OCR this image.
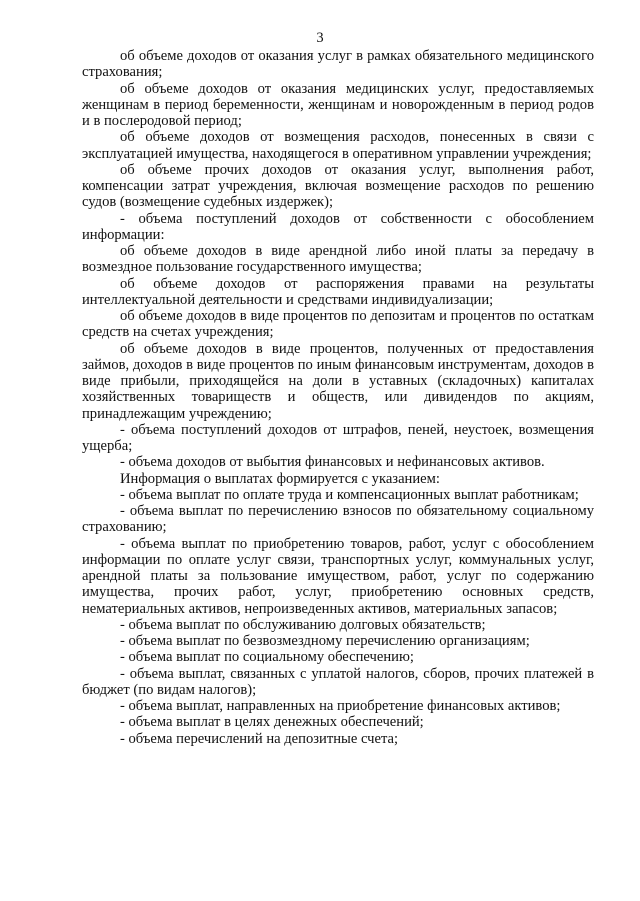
3

об объеме доходов от оказания услуг в рамках обязательного медицинского страхования;

об объеме доходов от оказания медицинских услуг, предоставляемых женщинам в период беременности, женщинам и новорожденным в период родов и в послеродовой период;

об объеме доходов от возмещения расходов, понесенных в связи с эксплуатацией имущества, находящегося в оперативном управлении учреждения;

об объеме прочих доходов от оказания услуг, выполнения работ, компенсации затрат учреждения, включая возмещение расходов по решению судов (возмещение судебных издержек);

- объема поступлений доходов от собственности с обособлением информации:

об объеме доходов в виде арендной либо иной платы за передачу в возмездное пользование государственного имущества;

об объеме доходов от распоряжения правами на результаты интеллектуальной деятельности и средствами индивидуализации;

об объеме доходов в виде процентов по депозитам и процентов по остаткам средств на счетах учреждения;

об объеме доходов в виде процентов, полученных от предоставления займов, доходов в виде процентов по иным финансовым инструментам, доходов в виде прибыли, приходящейся на доли в уставных (складочных) капиталах хозяйственных товариществ и обществ, или дивидендов по акциям, принадлежащим учреждению;

- объема поступлений доходов от штрафов, пеней, неустоек, возмещения ущерба;

- объема доходов от выбытия финансовых и нефинансовых активов.

Информация о выплатах формируется с указанием:

- объема выплат по оплате труда и компенсационных выплат работникам;

- объема выплат по перечислению взносов по обязательному социальному страхованию;

- объема выплат по приобретению товаров, работ, услуг с обособлением информации по оплате услуг связи, транспортных услуг, коммунальных услуг, арендной платы за пользование имуществом, работ, услуг по содержанию имущества, прочих работ, услуг, приобретению основных средств, нематериальных активов, непроизведенных активов, материальных запасов;

- объема выплат по обслуживанию долговых обязательств;

- объема выплат по безвозмездному перечислению организациям;

- объема выплат по социальному обеспечению;

- объема выплат, связанных с уплатой налогов, сборов, прочих платежей в бюджет (по видам налогов);

- объема выплат, направленных на приобретение финансовых активов;

- объема выплат в целях денежных обеспечений;

- объема перечислений на депозитные счета;
